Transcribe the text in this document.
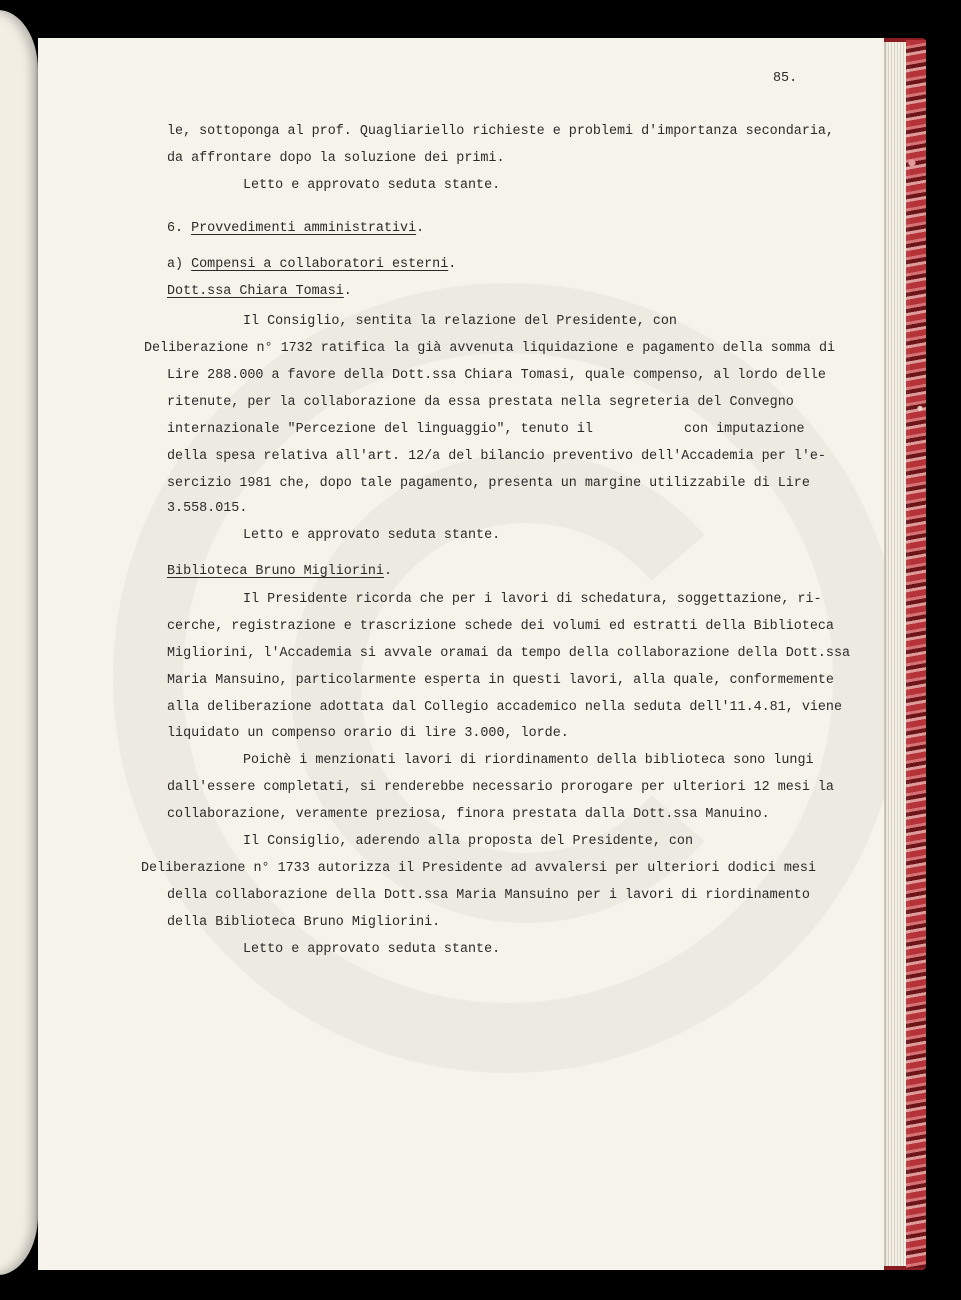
85.
le, sottoponga al prof. Quagliariello richieste e problemi d'importanza secondaria,
da affrontare dopo la soluzione dei primi.
Letto e approvato seduta stante.
6. Provvedimenti amministrativi.
a) Compensi a collaboratori esterni.
Dott.ssa Chiara Tomasi.
Il Consiglio, sentita la relazione del Presidente, con
Deliberazione n° 1732 ratifica la già avvenuta liquidazione e pagamento della somma di
Lire 288.000 a favore della Dott.ssa Chiara Tomasi, quale compenso, al lordo delle
ritenute, per la collaborazione da essa prestata nella segreteria del Convegno
internazionale "Percezione del linguaggio", tenuto il	con imputazione
della spesa relativa all'art. 12/a del bilancio preventivo dell'Accademia per l'e-
sercizio 1981 che, dopo tale pagamento, presenta un margine utilizzabile di Lire
3.558.015.
Letto e approvato seduta stante.
Biblioteca Bruno Migliorini.
Il Presidente ricorda che per i lavori di schedatura, soggettazione, ri-
cerche, registrazione e trascrizione schede dei volumi ed estratti della Biblioteca
Migliorini, l'Accademia si avvale oramai da tempo della collaborazione della Dott.ssa
Maria Mansuino, particolarmente esperta in questi lavori, alla quale, conformemente
alla deliberazione adottata dal Collegio accademico nella seduta dell'11.4.81, viene
liquidato un compenso orario di lire 3.000, lorde.
Poichè i menzionati lavori di riordinamento della biblioteca sono lungi
dall'essere completati, si renderebbe necessario prorogare per ulteriori 12 mesi la
collaborazione, veramente preziosa, finora prestata dalla Dott.ssa Manuino.
Il Consiglio, aderendo alla proposta del Presidente, con
Deliberazione n° 1733 autorizza il Presidente ad avvalersi per ulteriori dodici mesi
della collaborazione della Dott.ssa Maria Mansuino per i lavori di riordinamento
della Biblioteca Bruno Migliorini.
Letto e approvato seduta stante.
